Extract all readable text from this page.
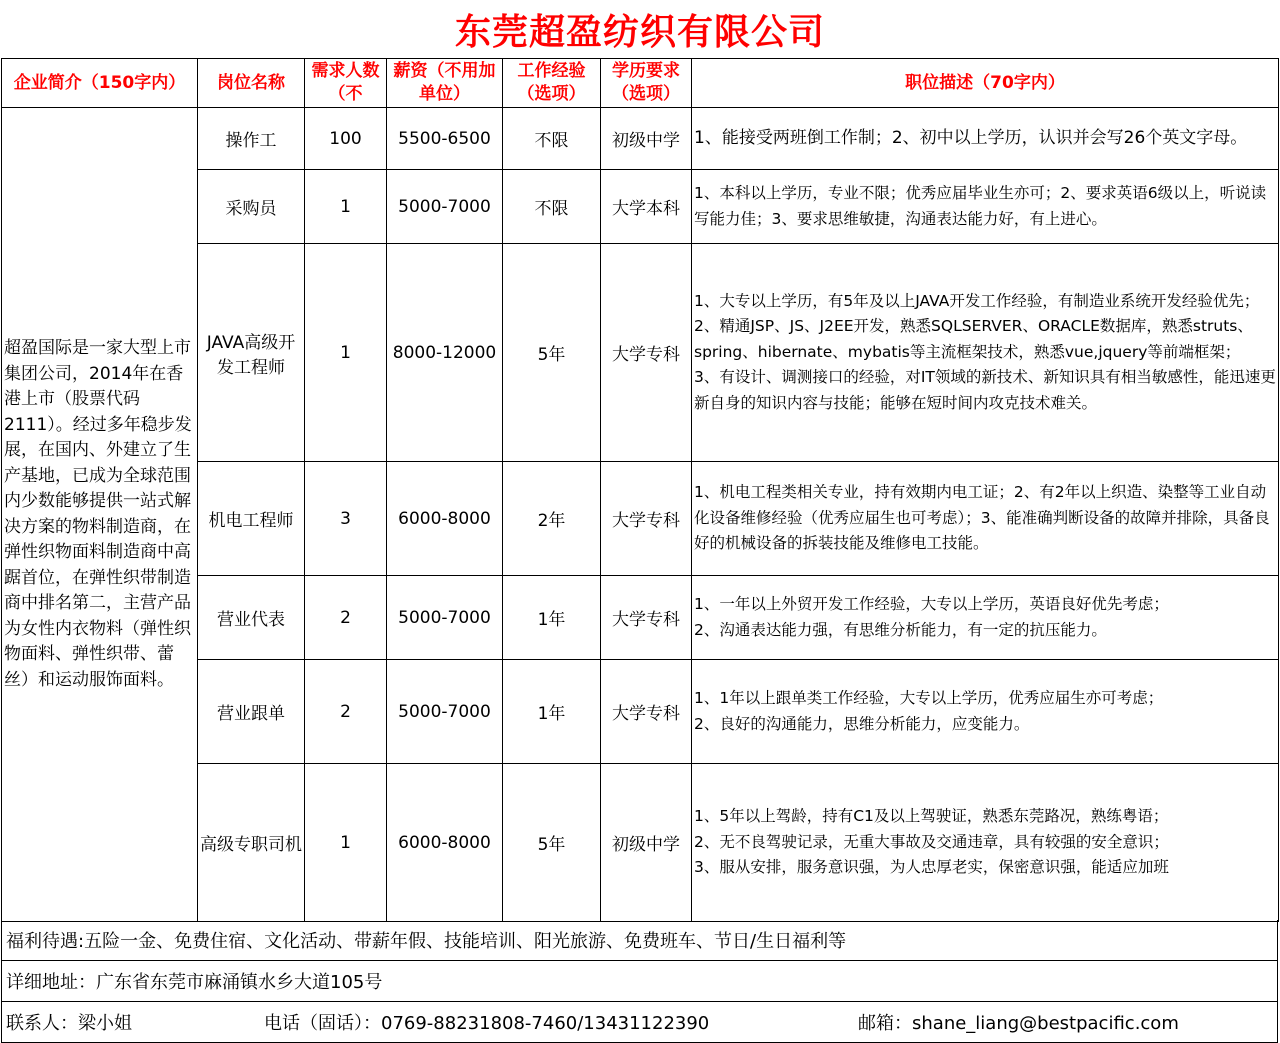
东莞超盈纺织有限公司
企业简介（150字内）	岗位名称	需求人数（不	薪资（不用加单位）	工作经验（选项）	学历要求（选项）	职位描述（70字内）
超盈国际是一家大型上市集团公司，2014年在香港上市（股票代码2111）。经过多年稳步发展，在国内、外建立了生产基地，已成为全球范围内少数能够提供一站式解决方案的物料制造商，在弹性织物面料制造商中高踞首位，在弹性织带制造商中排名第二，主营产品为女性内衣物料（弹性织物面料、弹性织带、蕾丝）和运动服饰面料。	操作工	100	5500-6500	不限	初级中学	1、能接受两班倒工作制；2、初中以上学历，认识并会写26个英文字母。

	采购员	1	5000-7000	不限	大学本科	1、本科以上学历，专业不限；优秀应届毕业生亦可；2、要求英语6级以上，听说读写能力佳；3、要求思维敏捷，沟通表达能力好，有上进心。

	JAVA高级开发工程师	1	8000-12000	5年	大学专科	1、大专以上学历，有5年及以上JAVA开发工作经验，有制造业系统开发经验优先；
2、精通JSP、JS、J2EE开发，熟悉SQLSERVER、ORACLE数据库，熟悉struts、spring、hibernate、mybatis等主流框架技术，熟悉vue,jquery等前端框架；
3、有设计、调测接口的经验，对IT领域的新技术、新知识具有相当敏感性，能迅速更新自身的知识内容与技能；能够在短时间内攻克技术难关。

	机电工程师	3	6000-8000	2年	大学专科	1、机电工程类相关专业，持有效期内电工证；2、有2年以上织造、染整等工业自动化设备维修经验（优秀应届生也可考虑）；3、能准确判断设备的故障并排除，具备良好的机械设备的拆装技能及维修电工技能。

	营业代表	2	5000-7000	1年	大学专科	1、一年以上外贸开发工作经验，大专以上学历，英语良好优先考虑；
2、沟通表达能力强，有思维分析能力，有一定的抗压能力。

	营业跟单	2	5000-7000	1年	大学专科	1、1年以上跟单类工作经验，大专以上学历，优秀应届生亦可考虑；
2、良好的沟通能力，思维分析能力，应变能力。

	高级专职司机	1	6000-8000	5年	初级中学	1、5年以上驾龄，持有C1及以上驾驶证，熟悉东莞路况，熟练粤语；
2、无不良驾驶记录，无重大事故及交通违章，具有较强的安全意识；
3、服从安排，服务意识强，为人忠厚老实，保密意识强，能适应加班
福利待遇:五险一金、免费住宿、文化活动、带薪年假、技能培训、阳光旅游、免费班车、节日/生日福利等
详细地址：广东省东莞市麻涌镇水乡大道105号
联系人：梁小姐	电话（固话）：0769-88231808-7460/13431122390	邮箱：shane_liang@bestpacific.com
